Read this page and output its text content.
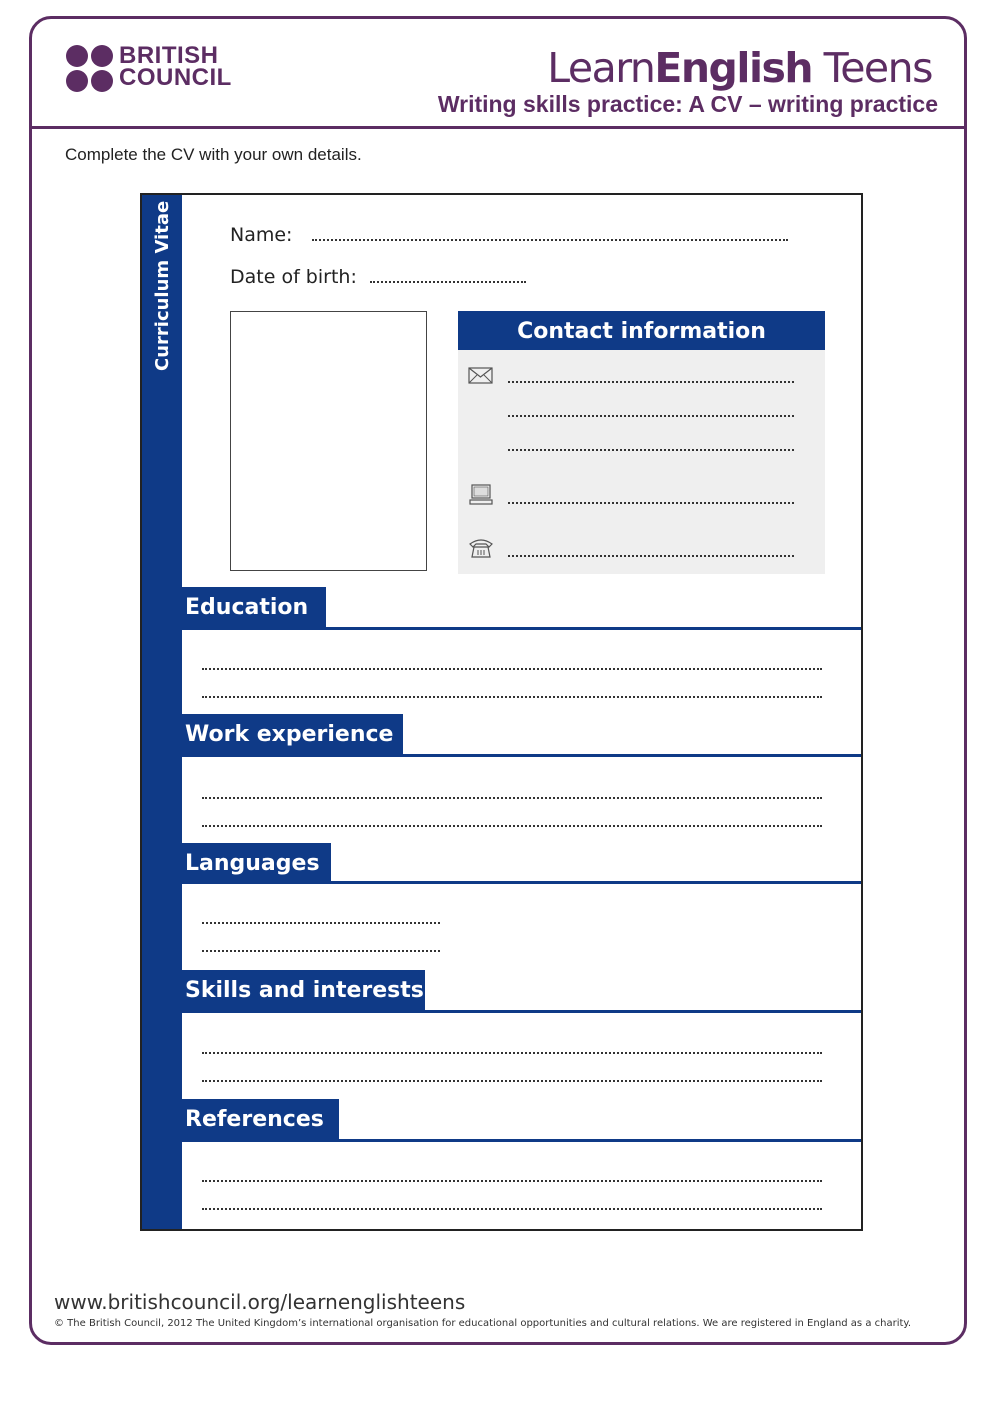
BRITISH
COUNCIL	LearnEnglish Teens
Writing skills practice: A CV – writing practice
Complete the CV with your own details.
Curriculum Vitae	Name:
Date of birth:
Contact information
Education
Work experience
Languages
Skills and interests
References
www.britishcouncil.org/learnenglishteens
© The British Council, 2012 The United Kingdom’s international organisation for educational opportunities and cultural relations. We are registered in England as a charity.
